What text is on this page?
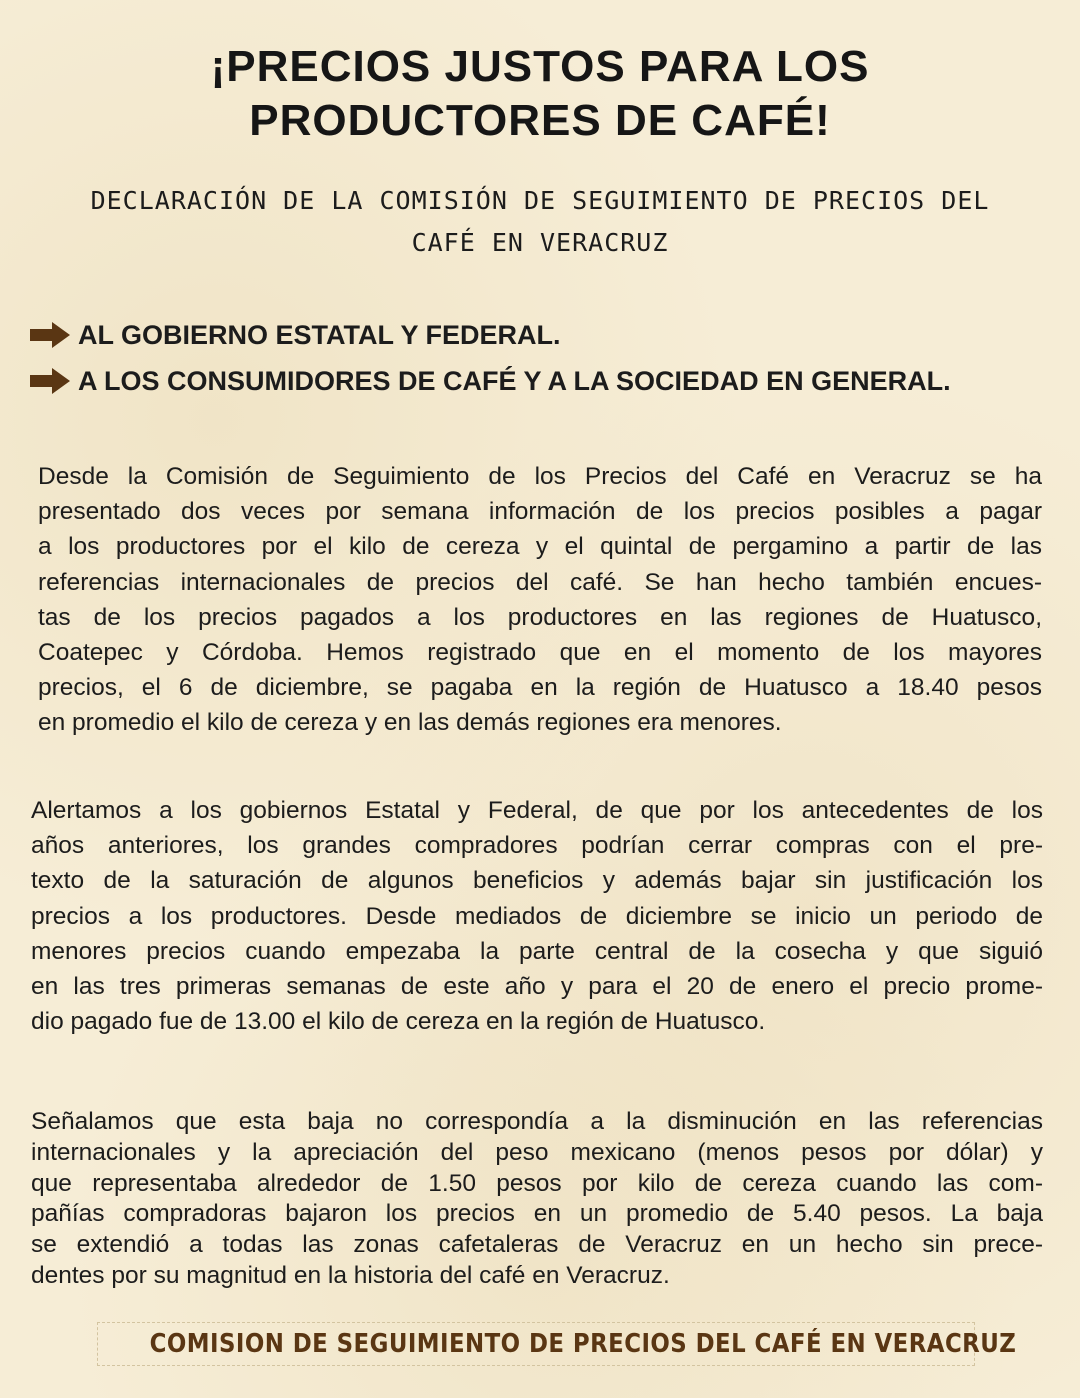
¡PRECIOS JUSTOS PARA LOS
PRODUCTORES DE CAFÉ!
DECLARACIÓN DE LA COMISIÓN DE SEGUIMIENTO DE PRECIOS DEL
CAFÉ EN VERACRUZ
AL GOBIERNO ESTATAL Y FEDERAL.
A LOS CONSUMIDORES DE CAFÉ Y A LA SOCIEDAD EN GENERAL.
Desde la Comisión de Seguimiento de los Precios del Café en Veracruz se ha
presentado dos veces por semana información de los precios posibles a pagar
a los productores por el kilo de cereza y el quintal de pergamino a partir de las
referencias internacionales de precios del café. Se han hecho también encues-
tas de los precios pagados a los productores en las regiones de Huatusco,
Coatepec y Córdoba. Hemos registrado que en el momento de los mayores
precios, el 6 de diciembre, se pagaba en la región de Huatusco a 18.40 pesos
en promedio el kilo de cereza y en las demás regiones era menores.
Alertamos a los gobiernos Estatal y Federal, de que por los antecedentes de los
años anteriores, los grandes compradores podrían cerrar compras con el pre-
texto de la saturación de algunos beneficios y además bajar sin justificación los
precios a los productores. Desde mediados de diciembre se inicio un periodo de
menores precios cuando empezaba la parte central de la cosecha y que siguió
en las tres primeras semanas de este año y para el 20 de enero el precio prome-
dio pagado fue de 13.00 el kilo de cereza en la región de Huatusco.
Señalamos que esta baja no correspondía a la disminución en las referencias
internacionales y la apreciación del peso mexicano (menos pesos por dólar) y
que representaba alrededor de 1.50 pesos por kilo de cereza cuando las com-
pañías compradoras bajaron los precios en un promedio de 5.40 pesos. La baja
se extendió a todas las zonas cafetaleras de Veracruz en un hecho sin prece-
dentes por su magnitud en la historia del café en Veracruz.
COMISION DE SEGUIMIENTO DE PRECIOS DEL CAFÉ EN VERACRUZ
